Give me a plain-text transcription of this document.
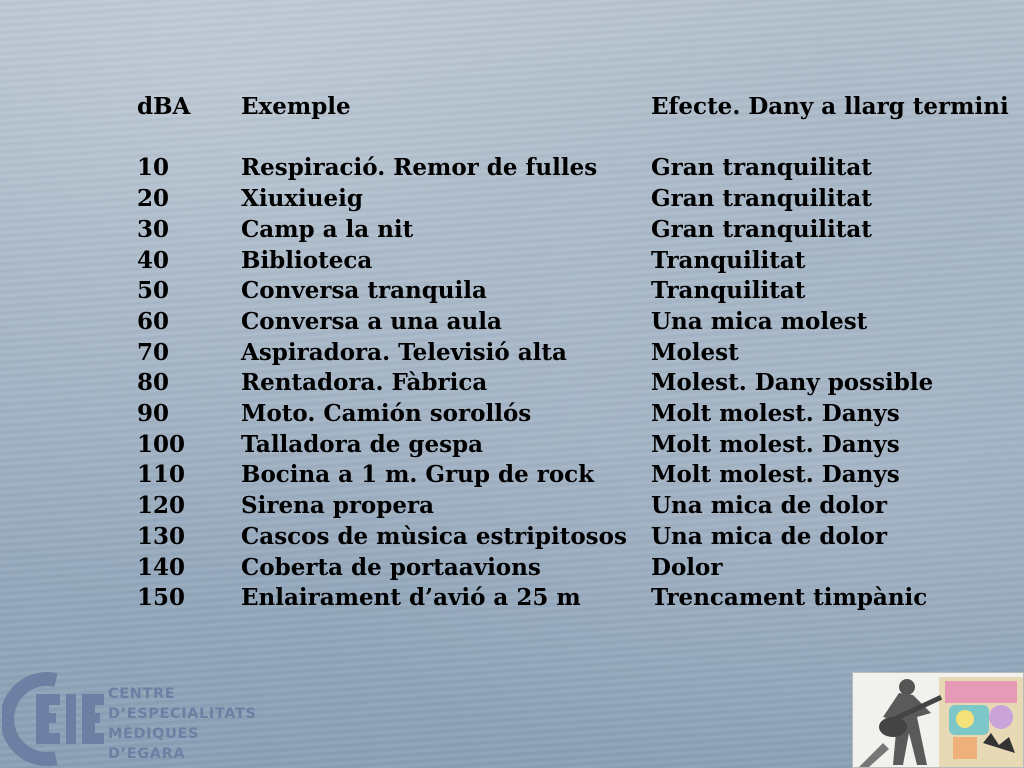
dBA	Exemple	Efecte. Dany a llarg termini

10	Respiració. Remor de fulles	Gran tranquilitat
20	Xiuxiueig	Gran tranquilitat
30	Camp a la nit	Gran tranquilitat
40	Biblioteca	Tranquilitat
50	Conversa tranquila	Tranquilitat
60	Conversa a una aula	Una mica molest
70	Aspiradora. Televisió alta	Molest
80	Rentadora. Fàbrica	Molest. Dany possible
90	Moto. Camión sorollós	Molt molest. Danys
100	Talladora de gespa	Molt molest. Danys
110	Bocina a 1 m. Grup de rock	Molt molest. Danys
120	Sirena propera	Una mica de dolor
130	Cascos de mùsica estripitosos	Una mica de dolor
140	Coberta de portaavions	Dolor
150	Enlairament d’avió a 25 m	Trencament timpànic
CENTRE
D’ESPECIALITATS
MÈDIQUES
D’EGARA
